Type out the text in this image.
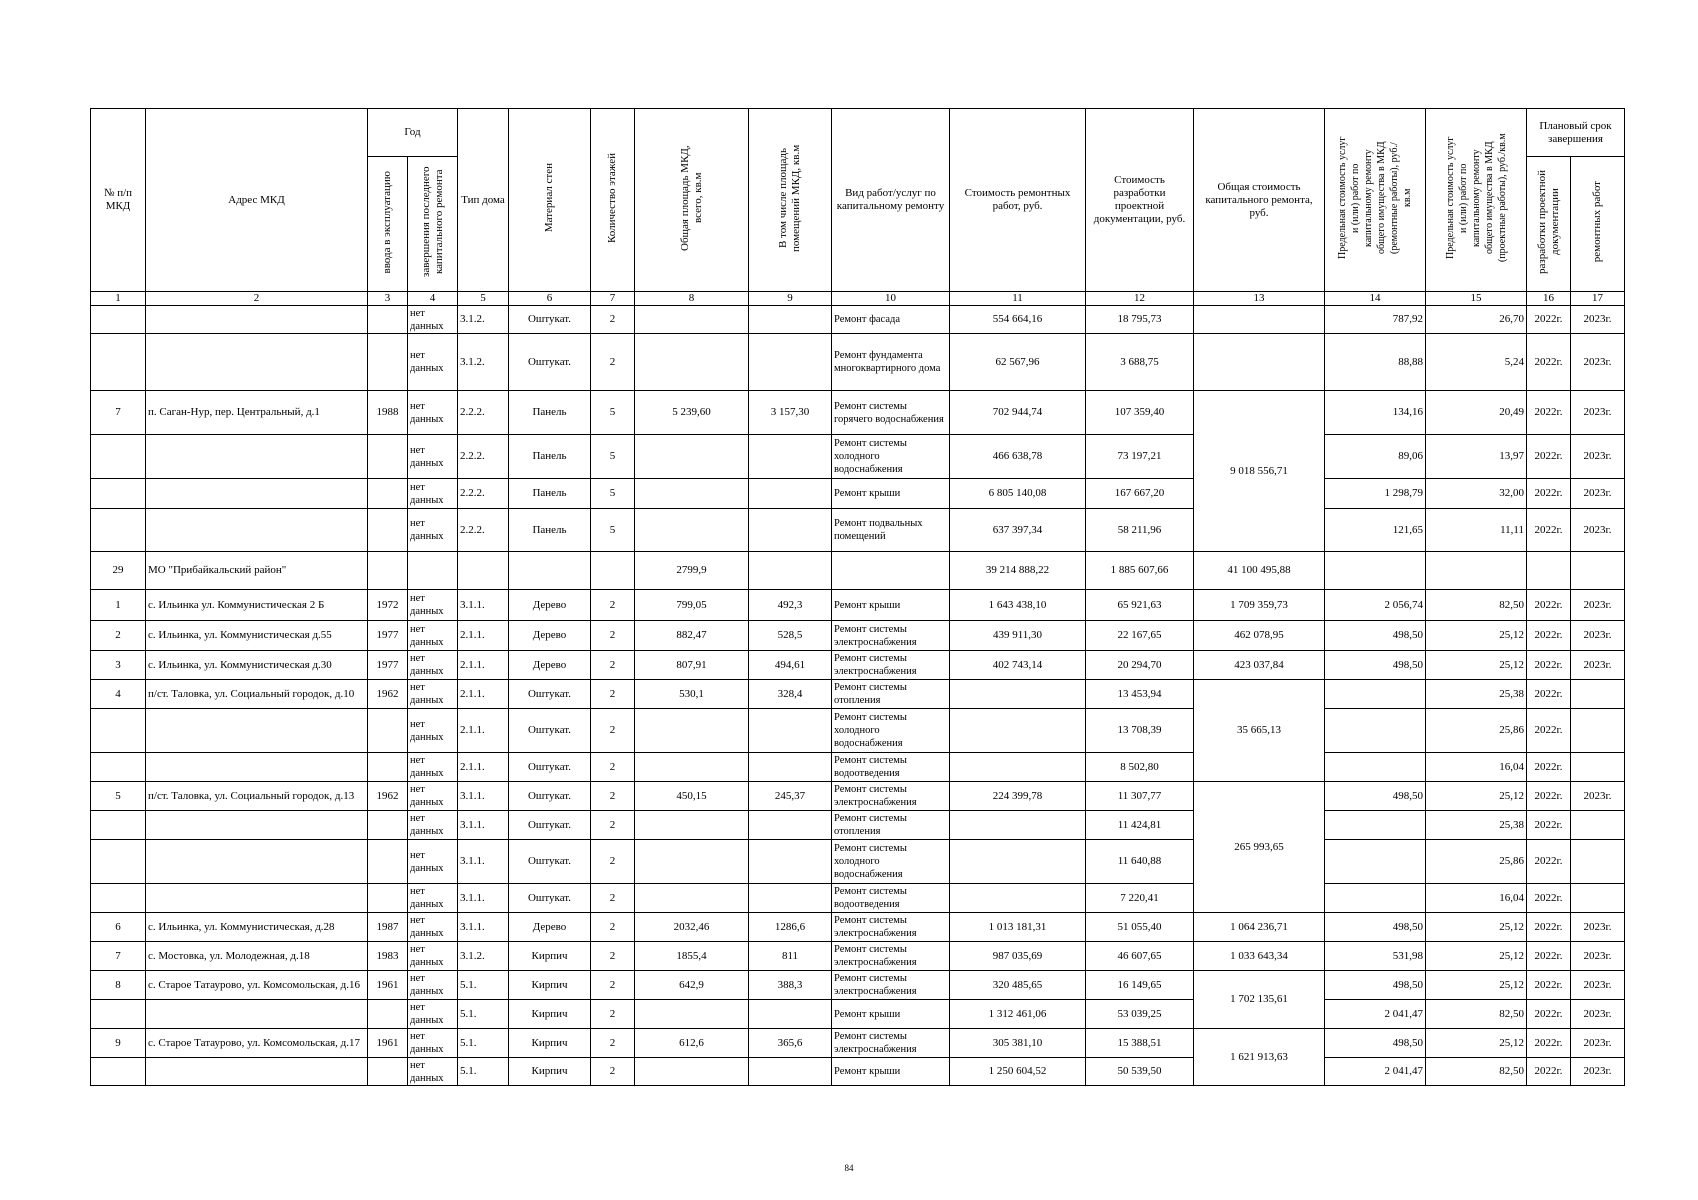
№ п/п МКД	Адрес МКД	Год		Тип дома	Материал стен	Количество этажей	Общая площадь МКД, всего, кв.м	В том числе площадь помещений МКД, кв.м	Вид работ/услуг по капитальному ремонту	Стоимость ремонтных работ, руб.	Стоимость разработки проектной документации, руб.	Общая стоимость капитального ремонта, руб.	Предельная стоимость услуг и (или) работ по капитальному ремонту общего имущества в МКД (ремонтные работы), руб./кв.м	Предельная стоимость услуг и (или) работ по капитальному ремонту общего имущества в МКД (проектные работы), руб./кв.м	Плановый срок завершения	
		ввода в эксплуатацию	завершения последнего капитального ремонта												разработки проектной документации	ремонтных работ
1	2	3	4	5	6	7	8	9	10	11	12	13	14	15	16	17
			нет данных	3.1.2.	Оштукат.	2			Ремонт фасада	554 664,16	18 795,73		787,92	26,70	2022г.	2023г.
			нет данных	3.1.2.	Оштукат.	2			Ремонт фундамента многоквартирного дома	62 567,96	3 688,75		88,88	5,24	2022г.	2023г.
7	п. Саган-Нур, пер. Центральный, д.1	1988	нет данных	2.2.2.	Панель	5	5 239,60	3 157,30	Ремонт системы горячего водоснабжения	702 944,74	107 359,40	9 018 556,71	134,16	20,49	2022г.	2023г.
			нет данных	2.2.2.	Панель	5			Ремонт системы холодного водоснабжения	466 638,78	73 197,21		89,06	13,97	2022г.	2023г.
			нет данных	2.2.2.	Панель	5			Ремонт крыши	6 805 140,08	167 667,20		1 298,79	32,00	2022г.	2023г.
			нет данных	2.2.2.	Панель	5			Ремонт подвальных помещений	637 397,34	58 211,96		121,65	11,11	2022г.	2023г.
29	МО "Прибайкальский район"						2799,9			39 214 888,22	1 885 607,66	41 100 495,88				
1	с. Ильинка ул. Коммунистическая 2 Б	1972	нет данных	3.1.1.	Дерево	2	799,05	492,3	Ремонт крыши	1 643 438,10	65 921,63	1 709 359,73	2 056,74	82,50	2022г.	2023г.
2	с. Ильинка, ул. Коммунистическая д.55	1977	нет данных	2.1.1.	Дерево	2	882,47	528,5	Ремонт системы электроснабжения	439 911,30	22 167,65	462 078,95	498,50	25,12	2022г.	2023г.
3	с. Ильинка, ул. Коммунистическая д.30	1977	нет данных	2.1.1.	Дерево	2	807,91	494,61	Ремонт системы электроснабжения	402 743,14	20 294,70	423 037,84	498,50	25,12	2022г.	2023г.
4	п/ст. Таловка, ул. Социальный городок, д.10	1962	нет данных	2.1.1.	Оштукат.	2	530,1	328,4	Ремонт системы отопления		13 453,94	35 665,13		25,38	2022г.	
			нет данных	2.1.1.	Оштукат.	2			Ремонт системы холодного водоснабжения		13 708,39			25,86	2022г.	
			нет данных	2.1.1.	Оштукат.	2			Ремонт системы водоотведения		8 502,80			16,04	2022г.	
5	п/ст. Таловка, ул. Социальный городок, д.13	1962	нет данных	3.1.1.	Оштукат.	2	450,15	245,37	Ремонт системы электроснабжения	224 399,78	11 307,77	265 993,65	498,50	25,12	2022г.	2023г.
			нет данных	3.1.1.	Оштукат.	2			Ремонт системы отопления		11 424,81			25,38	2022г.	
			нет данных	3.1.1.	Оштукат.	2			Ремонт системы холодного водоснабжения		11 640,88			25,86	2022г.	
			нет данных	3.1.1.	Оштукат.	2			Ремонт системы водоотведения		7 220,41			16,04	2022г.	
6	с. Ильинка, ул. Коммунистическая, д.28	1987	нет данных	3.1.1.	Дерево	2	2032,46	1286,6	Ремонт системы электроснабжения	1 013 181,31	51 055,40	1 064 236,71	498,50	25,12	2022г.	2023г.
7	с. Мостовка, ул. Молодежная, д.18	1983	нет данных	3.1.2.	Кирпич	2	1855,4	811	Ремонт системы электроснабжения	987 035,69	46 607,65	1 033 643,34	531,98	25,12	2022г.	2023г.
8	с. Старое Татаурово, ул. Комсомольская, д.16	1961	нет данных	5.1.	Кирпич	2	642,9	388,3	Ремонт системы электроснабжения	320 485,65	16 149,65	1 702 135,61	498,50	25,12	2022г.	2023г.
			нет данных	5.1.	Кирпич	2			Ремонт крыши	1 312 461,06	53 039,25		2 041,47	82,50	2022г.	2023г.
9	с. Старое Татаурово, ул. Комсомольская, д.17	1961	нет данных	5.1.	Кирпич	2	612,6	365,6	Ремонт системы электроснабжения	305 381,10	15 388,51	1 621 913,63	498,50	25,12	2022г.	2023г.
			нет данных	5.1.	Кирпич	2			Ремонт крыши	1 250 604,52	50 539,50		2 041,47	82,50	2022г.	2023г.
84
